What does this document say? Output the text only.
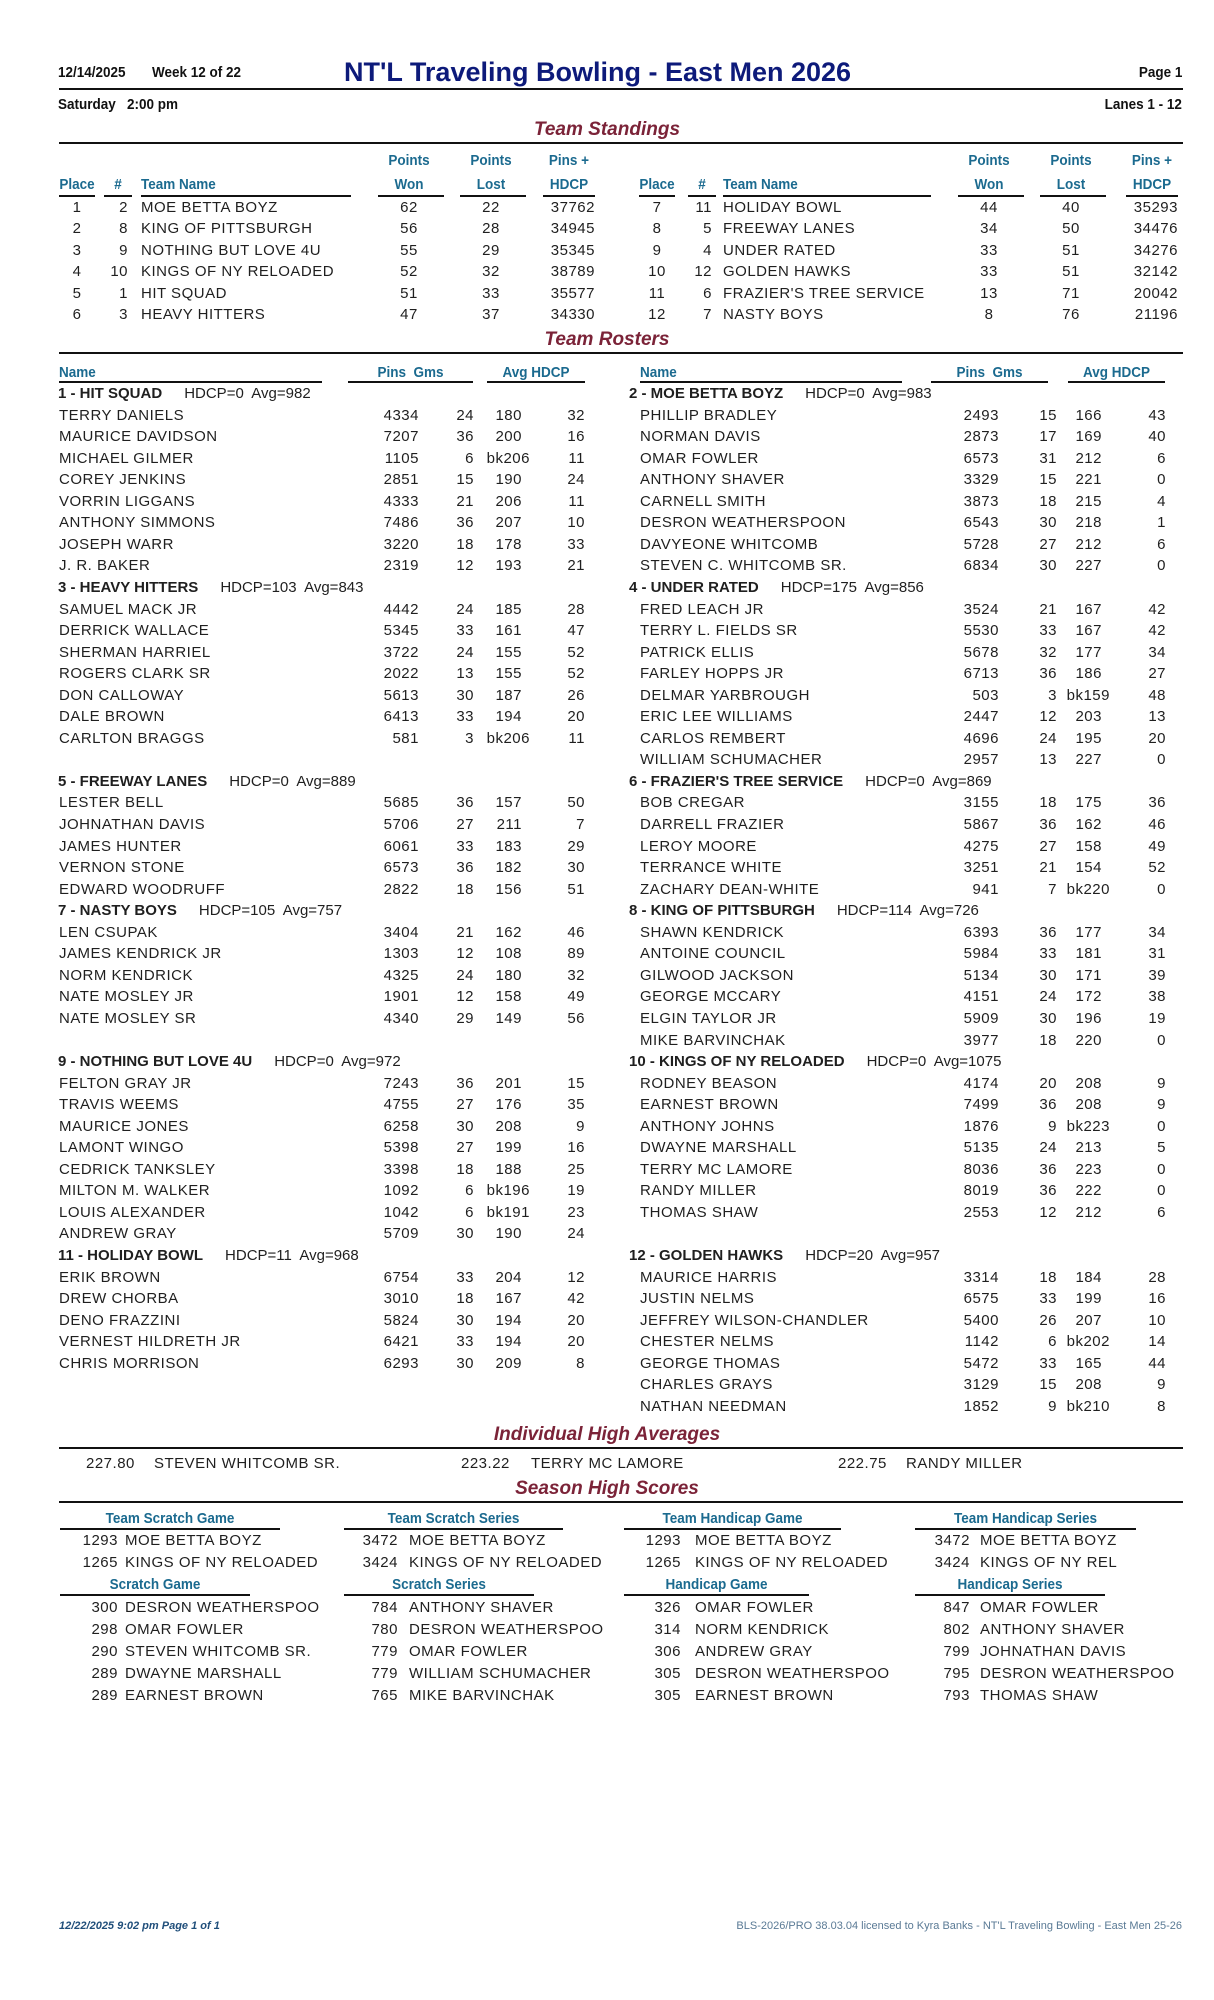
12/14/2025 Week 12 of 22	NT'L Traveling Bowling - East Men 2026	Page 1
Saturday   2:00 pm	Lanes 1 - 12
Team Standings
Points	Points	Pins +
Place	#	Team Name	Won	Lost	HDCP
1	2 MOE BETTA BOYZ	62	22	37762
2	8 KING OF PITTSBURGH	56	28	34945
3	9 NOTHING BUT LOVE 4U	55	29	35345
4	10 KINGS OF NY RELOADED	52	32	38789
5	1 HIT SQUAD	51	33	35577
6	3 HEAVY HITTERS	47	37	34330
Points	Points	Pins +
Place	#	Team Name	Won	Lost	HDCP
7	11 HOLIDAY BOWL	44	40	35293
8	5 FREEWAY LANES	34	50	34476
9	4 UNDER RATED	33	51	34276
10	12 GOLDEN HAWKS	33	51	32142
11	6 FRAZIER'S TREE SERVICE	13	71	20042
12	7 NASTY BOYS	8	76	21196
Team Rosters
Name	Pins  Gms	Avg HDCP
1 - HIT SQUAD HDCP=0  Avg=982
TERRY DANIELS	4334	24	180	32
MAURICE DAVIDSON	7207	36	200	16
MICHAEL GILMER	1105	6 bk206	11
COREY JENKINS	2851	15	190	24
VORRIN LIGGANS	4333	21	206	11
ANTHONY SIMMONS	7486	36	207	10
JOSEPH WARR	3220	18	178	33
J. R. BAKER	2319	12	193	21
3 - HEAVY HITTERS HDCP=103  Avg=843
SAMUEL MACK JR	4442	24	185	28
DERRICK WALLACE	5345	33	161	47
SHERMAN HARRIEL	3722	24	155	52
ROGERS CLARK SR	2022	13	155	52
DON CALLOWAY	5613	30	187	26
DALE BROWN	6413	33	194	20
CARLTON BRAGGS	581	3 bk206	11
5 - FREEWAY LANES HDCP=0  Avg=889
LESTER BELL	5685	36	157	50
JOHNATHAN DAVIS	5706	27	211	7
JAMES HUNTER	6061	33	183	29
VERNON STONE	6573	36	182	30
EDWARD WOODRUFF	2822	18	156	51
7 - NASTY BOYS HDCP=105  Avg=757
LEN CSUPAK	3404	21	162	46
JAMES KENDRICK JR	1303	12	108	89
NORM KENDRICK	4325	24	180	32
NATE MOSLEY JR	1901	12	158	49
NATE MOSLEY SR	4340	29	149	56
9 - NOTHING BUT LOVE 4U HDCP=0  Avg=972
FELTON GRAY JR	7243	36	201	15
TRAVIS WEEMS	4755	27	176	35
MAURICE JONES	6258	30	208	9
LAMONT WINGO	5398	27	199	16
CEDRICK TANKSLEY	3398	18	188	25
MILTON M. WALKER	1092	6 bk196	19
LOUIS ALEXANDER	1042	6 bk191	23
ANDREW GRAY	5709	30	190	24
11 - HOLIDAY BOWL HDCP=11  Avg=968
ERIK BROWN	6754	33	204	12
DREW CHORBA	3010	18	167	42
DENO FRAZZINI	5824	30	194	20
VERNEST HILDRETH JR	6421	33	194	20
CHRIS MORRISON	6293	30	209	8
Name	Pins  Gms	Avg HDCP
2 - MOE BETTA BOYZ HDCP=0  Avg=983
PHILLIP BRADLEY	2493	15	166	43
NORMAN DAVIS	2873	17	169	40
OMAR FOWLER	6573	31	212	6
ANTHONY SHAVER	3329	15	221	0
CARNELL SMITH	3873	18	215	4
DESRON WEATHERSPOON	6543	30	218	1
DAVYEONE WHITCOMB	5728	27	212	6
STEVEN C. WHITCOMB SR.	6834	30	227	0
4 - UNDER RATED HDCP=175  Avg=856
FRED LEACH JR	3524	21	167	42
TERRY L. FIELDS SR	5530	33	167	42
PATRICK ELLIS	5678	32	177	34
FARLEY HOPPS JR	6713	36	186	27
DELMAR YARBROUGH	503	3 bk159	48
ERIC LEE WILLIAMS	2447	12	203	13
CARLOS REMBERT	4696	24	195	20
WILLIAM SCHUMACHER	2957	13	227	0
6 - FRAZIER'S TREE SERVICE HDCP=0  Avg=869
BOB CREGAR	3155	18	175	36
DARRELL FRAZIER	5867	36	162	46
LEROY MOORE	4275	27	158	49
TERRANCE WHITE	3251	21	154	52
ZACHARY DEAN-WHITE	941	7 bk220	0
8 - KING OF PITTSBURGH HDCP=114  Avg=726
SHAWN KENDRICK	6393	36	177	34
ANTOINE COUNCIL	5984	33	181	31
GILWOOD JACKSON	5134	30	171	39
GEORGE MCCARY	4151	24	172	38
ELGIN TAYLOR JR	5909	30	196	19
MIKE BARVINCHAK	3977	18	220	0
10 - KINGS OF NY RELOADED HDCP=0  Avg=1075
RODNEY BEASON	4174	20	208	9
EARNEST BROWN	7499	36	208	9
ANTHONY JOHNS	1876	9 bk223	0
DWAYNE MARSHALL	5135	24	213	5
TERRY MC LAMORE	8036	36	223	0
RANDY MILLER	8019	36	222	0
THOMAS SHAW	2553	12	212	6
12 - GOLDEN HAWKS HDCP=20  Avg=957
MAURICE HARRIS	3314	18	184	28
JUSTIN NELMS	6575	33	199	16
JEFFREY WILSON-CHANDLER	5400	26	207	10
CHESTER NELMS	1142	6 bk202	14
GEORGE THOMAS	5472	33	165	44
CHARLES GRAYS	3129	15	208	9
NATHAN NEEDMAN	1852	9 bk210	8
Individual High Averages
227.80 STEVEN WHITCOMB SR.	223.22 TERRY MC LAMORE	222.75 RANDY MILLER
Season High Scores
Team Scratch Game
1293 MOE BETTA BOYZ
1265 KINGS OF NY RELOADED
Scratch Game
300 DESRON WEATHERSPOO
298 OMAR FOWLER
290 STEVEN WHITCOMB SR.
289 DWAYNE MARSHALL
289 EARNEST BROWN
Team Scratch Series
3472 MOE BETTA BOYZ
3424 KINGS OF NY RELOADED
Scratch Series
784 ANTHONY SHAVER
780 DESRON WEATHERSPOO
779 OMAR FOWLER
779 WILLIAM SCHUMACHER
765 MIKE BARVINCHAK
Team Handicap Game
1293 MOE BETTA BOYZ
1265 KINGS OF NY RELOADED
Handicap Game
326 OMAR FOWLER
314 NORM KENDRICK
306 ANDREW GRAY
305 DESRON WEATHERSPOO
305 EARNEST BROWN
Team Handicap Series
3472 MOE BETTA BOYZ
3424 KINGS OF NY REL
Handicap Series
847 OMAR FOWLER
802 ANTHONY SHAVER
799 JOHNATHAN DAVIS
795 DESRON WEATHERSPOO
793 THOMAS SHAW
12/22/2025 9:02 pm Page 1 of 1	BLS-2026/PRO 38.03.04 licensed to Kyra Banks - NT'L Traveling Bowling - East Men 25-26
